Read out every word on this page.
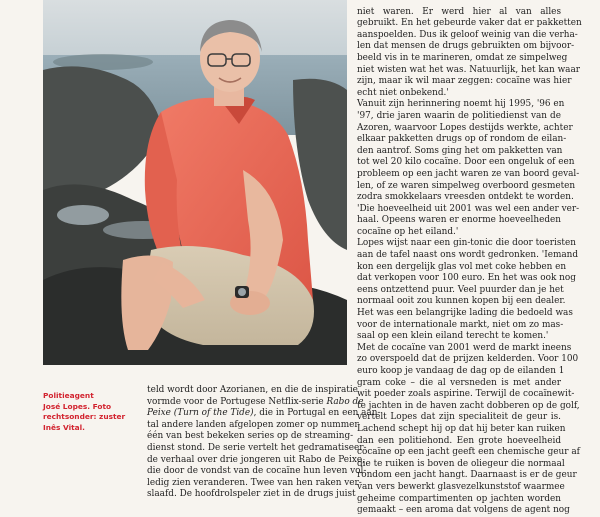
Politieagent
José Lopes. Foto
rechtsonder: zuster
Inês Vital.

niet waren. Er werd hier al van alles
gebruikt. En het gebeurde vaker dat er pakketten
aanspoelden. Dus ik geloof weinig van die verha-
len dat mensen de drugs gebruikten om bijvoor-
beeld vis in te marineren, omdat ze simpelweg
niet wisten wat het was. Natuurlijk, het kan waar
zijn, maar ik wil maar zeggen: cocaïne was hier
echt niet onbekend.'
Vanuit zijn herinnering noemt hij 1995, '96 en
'97, drie jaren waarin de politiedienst van de
Azoren, waarvoor Lopes destijds werkte, achter
elkaar pakketten drugs op of rondom de eilan-
den aantrof. Soms ging het om pakketten van
tot wel 20 kilo cocaïne. Door een ongeluk of een
probleem op een jacht waren ze van boord geval-
len, of ze waren simpelweg overboord gesmeten
zodra smokkelaars vreesden ontdekt te worden.
'Die hoeveelheid uit 2001 was wel een ander ver-
haal. Opeens waren er enorme hoeveelheden
cocaïne op het eiland.'
Lopes wijst naar een gin-tonic die door toeristen
aan de tafel naast ons wordt gedronken. 'Iemand
kon een dergelijk glas vol met coke hebben en
dat verkopen voor 100 euro. En het was ook nog
eens ontzettend puur. Veel puurder dan je het
normaal ooit zou kunnen kopen bij een dealer.
Het was een belangrijke lading die bedoeld was
voor de internationale markt, niet om zo mas-
saal op een klein eiland terecht te komen.'
Met de cocaïne van 2001 werd de markt ineens
zo overspoeld dat de prijzen kelderden. Voor 100
euro koop je vandaag de dag op de eilanden 1
gram coke – die al versneden is met ander
wit poeder zoals aspirine. Terwijl de cocaïnewit-
te jachten in de haven zacht dobberen op de golf,
vertelt Lopes dat zijn specialiteit de geur is.
Lachend schept hij op dat hij beter kan ruiken
dan een politiehond. Een grote hoeveelheid
cocaïne op een jacht geeft een chemische geur af
die te ruiken is boven de oliegeur die normaal
rondom een jacht hangt. Daarnaast is er de geur
van vers bewerkt glasvezelkunststof waarmee
geheime compartimenten op jachten worden
gemaakt – een aroma dat volgens de agent nog
teld wordt door Azorianen, en die de inspiratie
vormde voor de Portugese Netflix-serie Rabo de
Peixe (Turn of the Tide), die in Portugal en een aan-
tal andere landen afgelopen zomer op nummer
één van best bekeken series op de streaming-
dienst stond. De serie vertelt het gedramatiseer-
de verhaal over drie jongeren uit Rabo de Peixe,
die door de vondst van de cocaïne hun leven vol-
ledig zien veranderen. Twee van hen raken ver-
slaafd. De hoofdrolspeler ziet in de drugs juist
